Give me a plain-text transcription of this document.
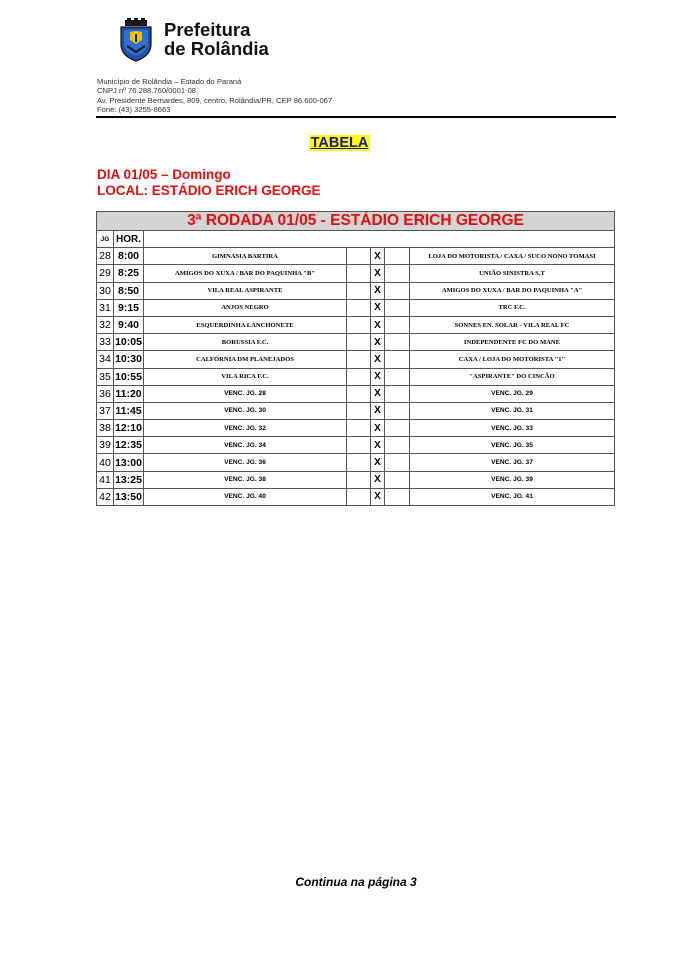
Prefeitura
de Rolândia
Município de Rolândia – Estado do Paraná
CNPJ nº 76.288.760/0001-08
Av. Presidente Bernardes, 809, centro, Rolândia/PR, CEP 86.600-067
Fone: (43) 3255-8663
TABELA
DIA 01/05 – Domingo
LOCAL: ESTÁDIO ERICH GEORGE
3ª RODADA 01/05 - ESTÁDIO ERICH GEORGE						
JG	HOR.					
28	8:00	GIMNASIA BARTIRA		X		LOJA DO MOTORISTA / CAXA / SUCO NONO TOMASI
29	8:25	AMIGOS DO XUXA / BAR DO PAQUINHA "B"		X		UNIÃO SINISTRA S.T
30	8:50	VILA REAL ASPIRANTE		X		AMIGOS DO XUXA / BAR DO PAQUINHA "A"
31	9:15	ANJOS NEGRO		X		TRC F.C.
32	9:40	ESQUERDINHA LANCHONETE		X		SONNES EN. SOLAR - VILA REAL FC
33	10:05	BORUSSIA F.C.		X		INDEPENDENTE FC DO MANÉ
34	10:30	CALFÓRNIA DM PLANEJADOS		X		CAXA / LOJA DO MOTORISTA "1"
35	10:55	VILA RICA F.C.		X		"ASPIRANTE" DO CINCÃO
36	11:20	VENC. JG. 28		X		VENC. JG. 29
37	11:45	VENC. JG. 30		X		VENC. JG. 31
38	12:10	VENC. JG. 32		X		VENC. JG. 33
39	12:35	VENC. JG. 34		X		VENC. JG. 35
40	13:00	VENC. JG. 36		X		VENC. JG. 37
41	13:25	VENC. JG. 38		X		VENC. JG. 39
42	13:50	VENC. JG. 40		X		VENC. JG. 41
Continua na página 3
